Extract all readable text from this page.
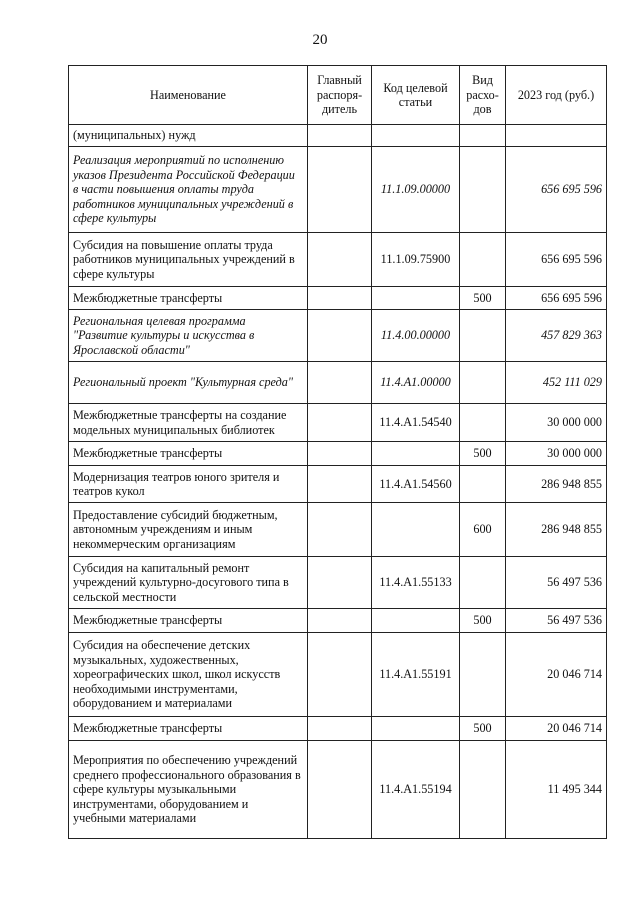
20
Наименование	Главный распоря-дитель	Код целевой статьи	Вид расхо-дов	2023 год (руб.)
(муниципальных) нужд				
Реализация мероприятий по исполнению указов Президента Российской Федерации в части повышения оплаты труда работников муниципальных учреждений в сфере культуры		11.1.09.00000		656 695 596
Субсидия на повышение оплаты труда работников муниципальных учреждений в сфере культуры		11.1.09.75900		656 695 596
Межбюджетные трансферты			500	656 695 596
Региональная целевая программа "Развитие культуры и искусства в Ярославской области"		11.4.00.00000		457 829 363
Региональный проект "Культурная среда"		11.4.А1.00000		452 111 029
Межбюджетные трансферты на создание модельных муниципальных библиотек		11.4.А1.54540		30 000 000
Межбюджетные трансферты			500	30 000 000
Модернизация театров юного зрителя и театров кукол		11.4.А1.54560		286 948 855
Предоставление субсидий бюджетным, автономным учреждениям и иным некоммерческим организациям			600	286 948 855
Субсидия на капитальный ремонт учреждений культурно-досугового типа в сельской местности		11.4.А1.55133		56 497 536
Межбюджетные трансферты			500	56 497 536
Субсидия на обеспечение детских музыкальных, художественных, хореографических школ, школ искусств необходимыми инструментами, оборудованием и материалами		11.4.А1.55191		20 046 714
Межбюджетные трансферты			500	20 046 714
Мероприятия по обеспечению учреждений среднего профессионального образования в сфере культуры музыкальными инструментами, оборудованием и учебными материалами		11.4.А1.55194		11 495 344
